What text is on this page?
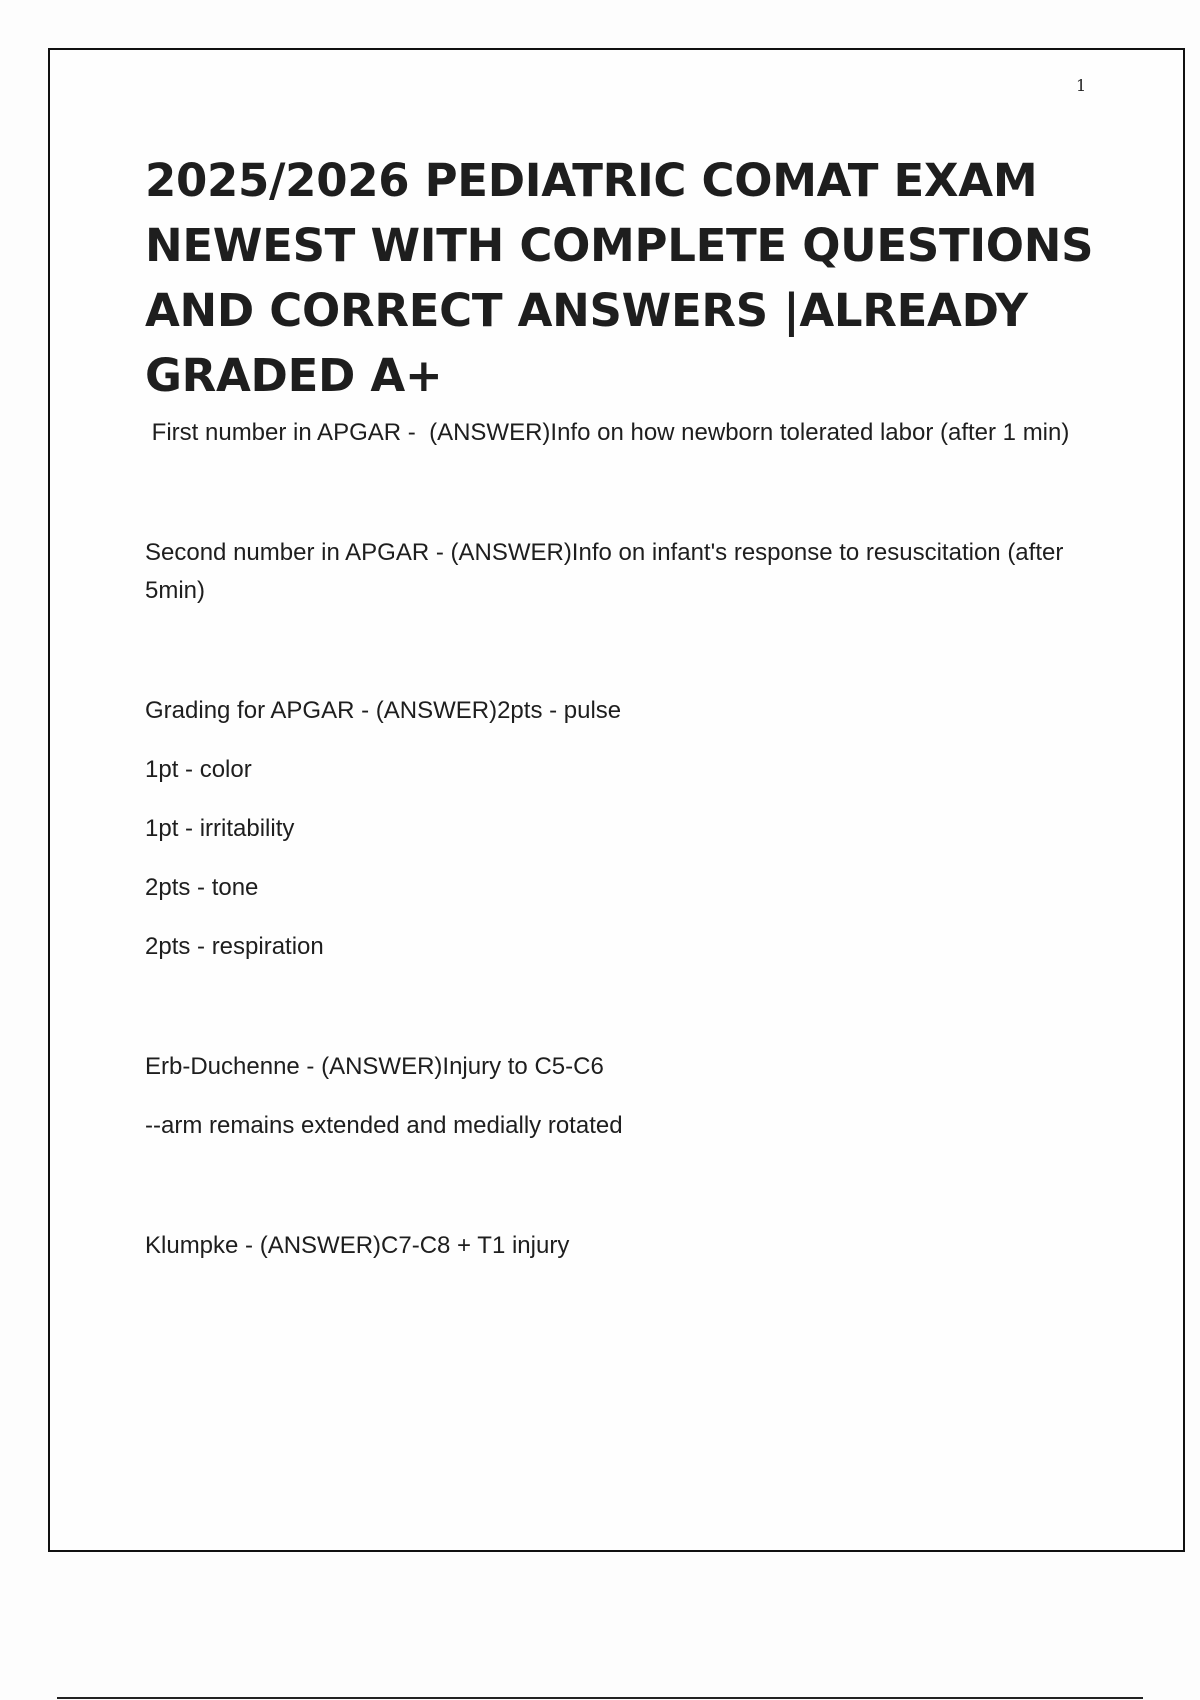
1
2025/2026 PEDIATRIC COMAT EXAM NEWEST WITH COMPLETE QUESTIONS AND CORRECT ANSWERS |ALREADY GRADED A+

First number in APGAR -  (ANSWER)Info on how newborn tolerated labor (after 1 min)

Second number in APGAR - (ANSWER)Info on infant's response to resuscitation (after 5min)

Grading for APGAR - (ANSWER)2pts - pulse

1pt - color

1pt - irritability

2pts - tone

2pts - respiration

Erb-Duchenne - (ANSWER)Injury to C5-C6

--arm remains extended and medially rotated

Klumpke - (ANSWER)C7-C8 + T1 injury
